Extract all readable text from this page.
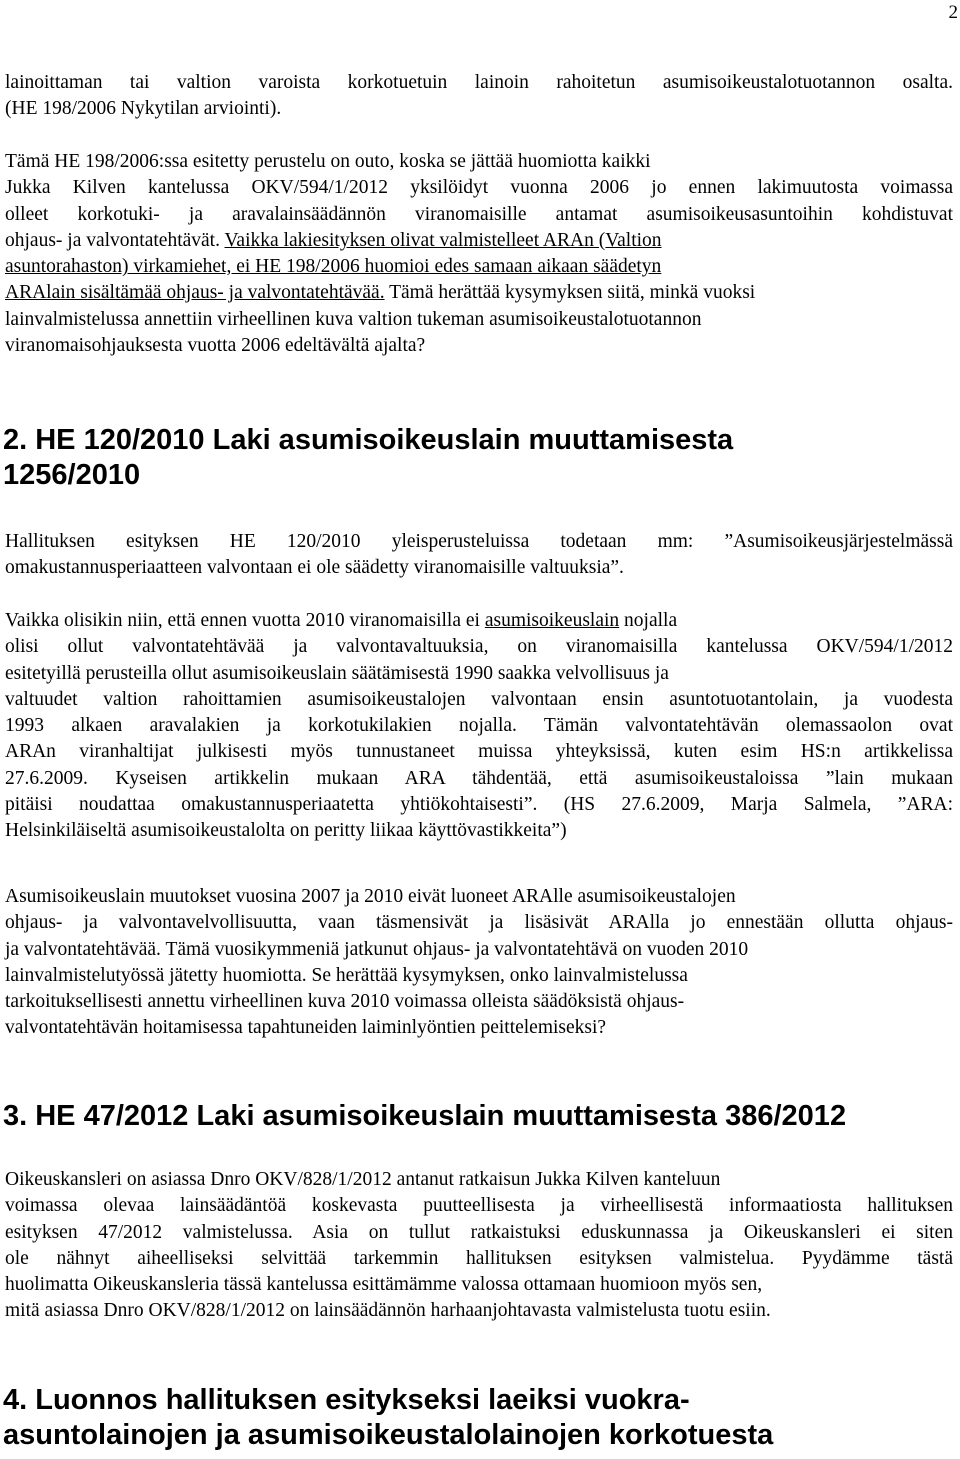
2

lainoittaman tai valtion varoista korkotuetuin lainoin rahoitetun asumisoikeustalotuotannon osalta.
(HE 198/2006 Nykytilan arviointi).

Tämä HE 198/2006:ssa esitetty perustelu on outo, koska se jättää huomiotta kaikki
Jukka Kilven kantelussa OKV/594/1/2012 yksilöidyt vuonna 2006 jo ennen lakimuutosta voimassa
olleet korkotuki- ja aravalainsäädännön viranomaisille antamat asumisoikeusasuntoihin kohdistuvat
ohjaus- ja valvontatehtävät. Vaikka lakiesityksen olivat valmistelleet ARAn (Valtion
asuntorahaston) virkamiehet, ei HE 198/2006 huomioi edes samaan aikaan säädetyn
ARAlain sisältämää ohjaus- ja valvontatehtävää. Tämä herättää kysymyksen siitä, minkä vuoksi
lainvalmistelussa annettiin virheellinen kuva valtion tukeman asumisoikeustalotuotannon
viranomaisohjauksesta vuotta 2006 edeltävältä ajalta?

2. HE 120/2010 Laki asumisoikeuslain muuttamisesta
1256/2010

Hallituksen esityksen HE 120/2010 yleisperusteluissa todetaan mm: ”Asumisoikeusjärjestelmässä
omakustannusperiaatteen valvontaan ei ole säädetty viranomaisille valtuuksia”.

Vaikka olisikin niin, että ennen vuotta 2010 viranomaisilla ei asumisoikeuslain nojalla
olisi ollut valvontatehtävää ja valvontavaltuuksia, on viranomaisilla kantelussa OKV/594/1/2012
esitetyillä perusteilla ollut asumisoikeuslain säätämisestä 1990 saakka velvollisuus ja
valtuudet valtion rahoittamien asumisoikeustalojen valvontaan ensin asuntotuotantolain, ja vuodesta
1993 alkaen aravalakien ja korkotukilakien nojalla. Tämän valvontatehtävän olemassaolon ovat
ARAn viranhaltijat julkisesti myös tunnustaneet muissa yhteyksissä, kuten esim HS:n artikkelissa
27.6.2009. Kyseisen artikkelin mukaan ARA tähdentää, että asumisoikeustaloissa ”lain mukaan
pitäisi noudattaa omakustannusperiaatetta yhtiökohtaisesti”. (HS 27.6.2009, Marja Salmela, ”ARA:
Helsinkiläiseltä asumisoikeustalolta on peritty liikaa käyttövastikkeita”)

Asumisoikeuslain muutokset vuosina 2007 ja 2010 eivät luoneet ARAlle asumisoikeustalojen
ohjaus- ja valvontavelvollisuutta, vaan täsmensivät ja lisäsivät ARAlla jo ennestään ollutta ohjaus-
ja valvontatehtävää. Tämä vuosikymmeniä jatkunut ohjaus- ja valvontatehtävä on vuoden 2010
lainvalmistelutyössä jätetty huomiotta. Se herättää kysymyksen, onko lainvalmistelussa
tarkoituksellisesti annettu virheellinen kuva 2010 voimassa olleista säädöksistä ohjaus-
valvontatehtävän hoitamisessa tapahtuneiden laiminlyöntien peittelemiseksi?

3. HE 47/2012 Laki asumisoikeuslain muuttamisesta 386/2012

Oikeuskansleri on asiassa Dnro OKV/828/1/2012 antanut ratkaisun Jukka Kilven kanteluun
voimassa olevaa lainsäädäntöä koskevasta puutteellisesta ja virheellisestä informaatiosta hallituksen
esityksen 47/2012 valmistelussa. Asia on tullut ratkaistuksi eduskunnassa ja Oikeuskansleri ei siten
ole nähnyt aiheelliseksi selvittää tarkemmin hallituksen esityksen valmistelua. Pyydämme tästä
huolimatta Oikeuskansleria tässä kantelussa esittämämme valossa ottamaan huomioon myös sen,
mitä asiassa Dnro OKV/828/1/2012 on lainsäädännön harhaanjohtavasta valmistelusta tuotu esiin.

4. Luonnos hallituksen esitykseksi laeiksi vuokra-
asuntolainojen ja asumisoikeustalolainojen korkotuesta
